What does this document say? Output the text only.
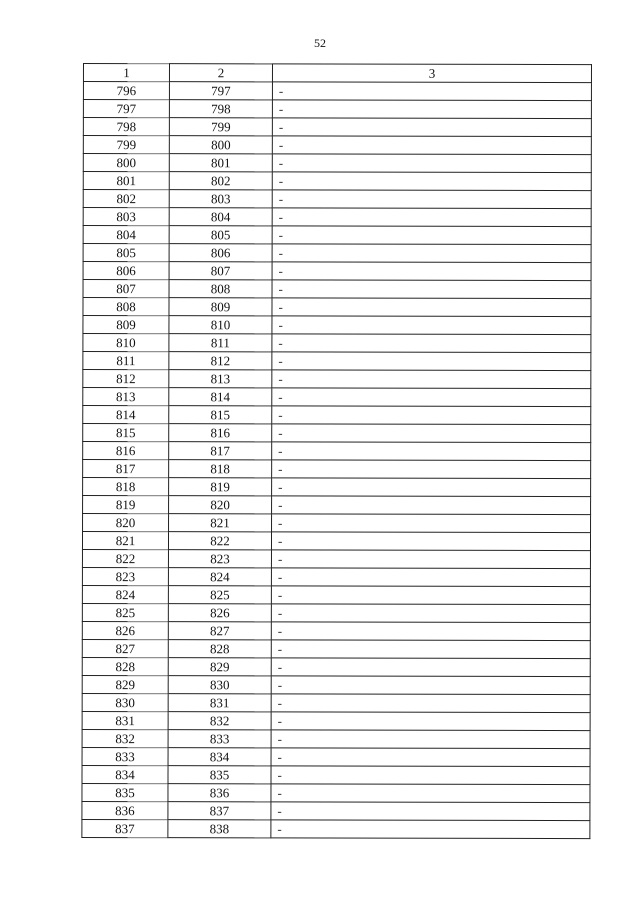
52
1	2	3
796	797	-
797	798	-
798	799	-
799	800	-
800	801	-
801	802	-
802	803	-
803	804	-
804	805	-
805	806	-
806	807	-
807	808	-
808	809	-
809	810	-
810	811	-
811	812	-
812	813	-
813	814	-
814	815	-
815	816	-
816	817	-
817	818	-
818	819	-
819	820	-
820	821	-
821	822	-
822	823	-
823	824	-
824	825	-
825	826	-
826	827	-
827	828	-
828	829	-
829	830	-
830	831	-
831	832	-
832	833	-
833	834	-
834	835	-
835	836	-
836	837	-
837	838	-
